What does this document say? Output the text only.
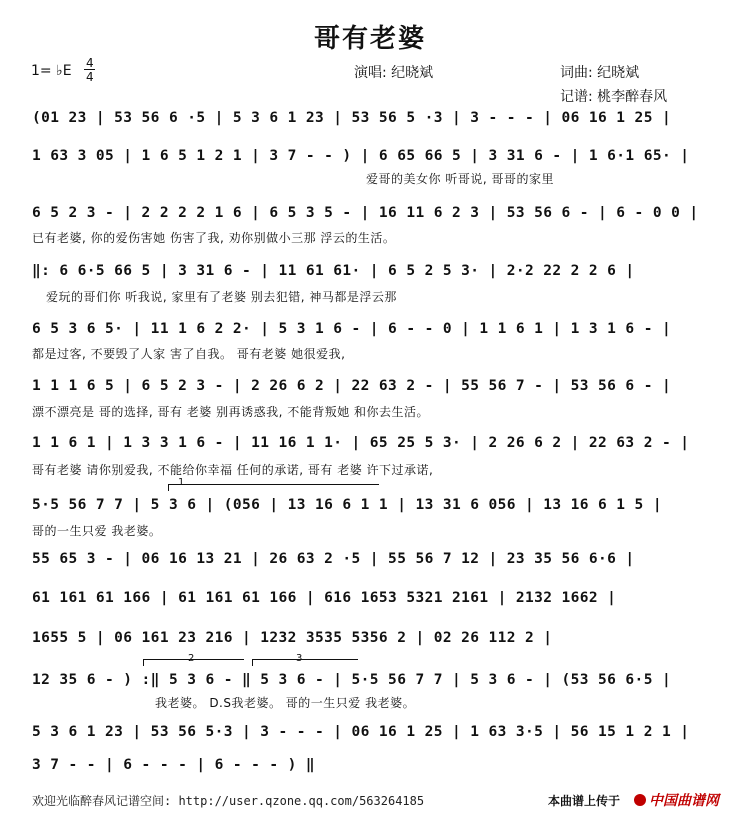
哥有老婆
1= ♭E 4
4	演唱: 纪晓斌	词曲: 纪晓斌
记谱: 桃李醉春风
(01 23 | 53 56 6 ·5 | 5 3 6 1 23 | 53 56 5 ·3 | 3 - - - | 06 16 1 25 |
1 63 3 05 | 1 6 5 1 2 1 | 3 7 - - ) | 6 65 66 5 | 3 31 6 - | 1 6·1 65· |
爱哥的美女你 听哥说, 哥哥的家里
6 5 2 3 - | 2 2 2 2 1 6 | 6 5 3 5 - | 16 11 6 2 3 | 53 56 6 - | 6 - 0 0 |
已有老婆, 你的爱伤害她 伤害了我, 劝你别做小三那 浮云的生活。
‖: 6 6·5 66 5 | 3 31 6 - | 11 61 61· | 6 5 2 5 3· | 2·2 22 2 2 6 |
爱玩的哥们你 听我说, 家里有了老婆 别去犯错, 神马都是浮云那
6 5 3 6 5· | 11 1 6 2 2· | 5 3 1 6 - | 6 - - 0 | 1 1 6 1 | 1 3 1 6 - |
都是过客, 不要毁了人家 害了自我。 哥有老婆 她很爱我,
1 1 1 6 5 | 6 5 2 3 - | 2 26 6 2 | 22 63 2 - | 55 56 7 - | 53 56 6 - |
漂不漂亮是 哥的选择, 哥有 老婆 别再诱惑我, 不能背叛她 和你去生活。
1 1 6 1 | 1 3 3 1 6 - | 11 16 1 1· | 65 25 5 3· | 2 26 6 2 | 22 63 2 - |
哥有老婆 请你别爱我, 不能给你幸福 任何的承诺, 哥有 老婆 许下过承诺,
1
5·5 56 7 7 | 5 3 6 | (056 | 13 16 6 1 1 | 13 31 6 056 | 13 16 6 1 5 |
哥的一生只爱 我老婆。
55 65 3 - | 06 16 13 21 | 26 63 2 ·5 | 55 56 7 12 | 23 35 56 6·6 |
61 161 61 166 | 61 161 61 166 | 616 1653 5321 2161 | 2132 1662 |
1655 5 | 06 161 23 216 | 1232 3535 5356 2 | 02 26 112 2 |
2	3
12 35 6 - ) :‖ 5 3 6 - ‖ 5 3 6 - | 5·5 56 7 7 | 5 3 6 - | (53 56 6·5 |
我老婆。 D.S我老婆。 哥的一生只爱 我老婆。
5 3 6 1 23 | 53 56 5·3 | 3 - - - | 06 16 1 25 | 1 63 3·5 | 56 15 1 2 1 |
3 7 - - | 6 - - - | 6 - - - ) ‖
欢迎光临醉春风记谱空间: http://user.qzone.qq.com/563264185	本曲谱上传于	中国曲谱网
